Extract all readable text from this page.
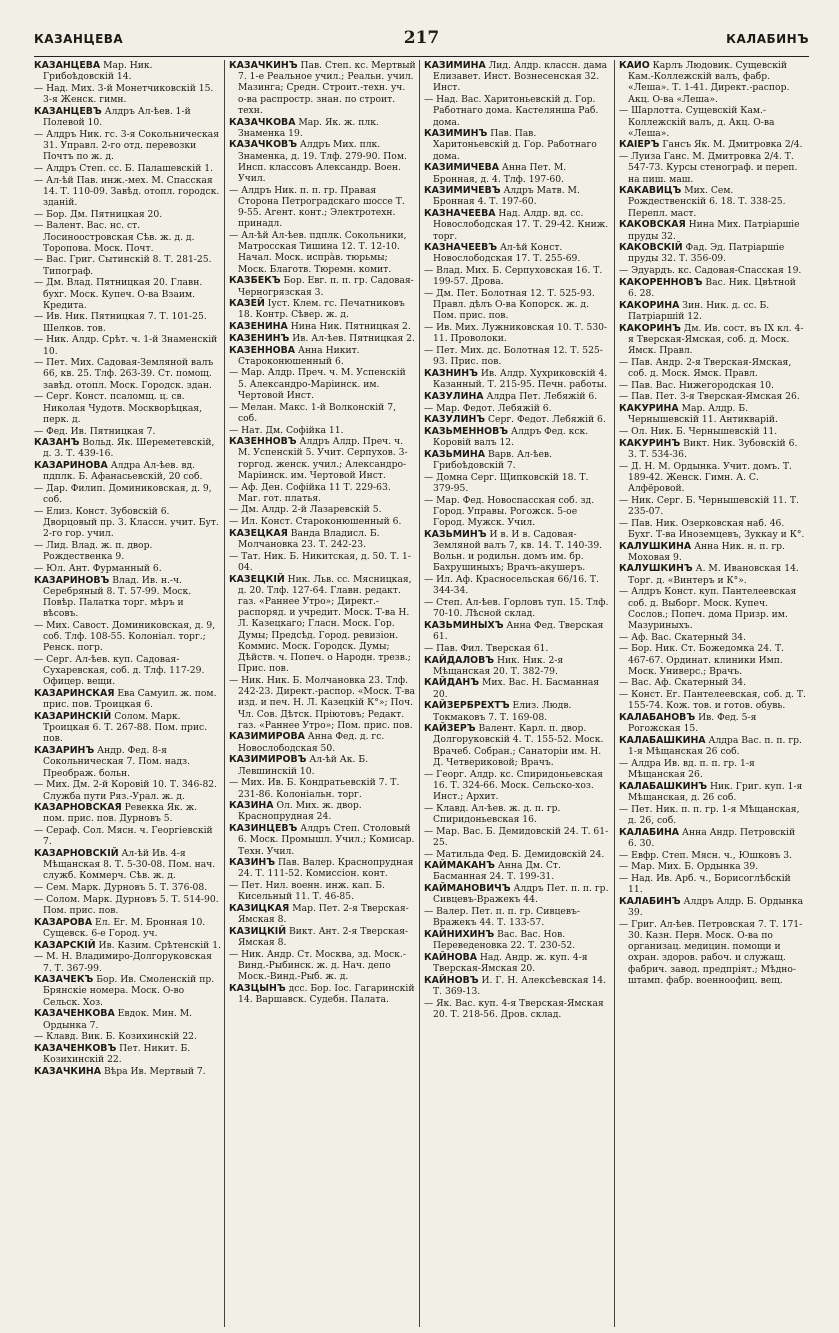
КАЗАНЦЕВА	217	КАЛАБИНЪ
КАЗАНЦЕВА Мар. Ник. Грибоѣдовскій 14.
— Над. Мих. 3-й Монетчиковскій 15. 3-я Женск. гимн.
КАЗАНЦЕВЪ Алдръ Ал-ѣев. 1-й Полевой 10.
— Алдръ Ник. гс. 3-я Сокольническая 31. Управл. 2-го отд. перевозки Почтъ по ж. д.
— Алдръ Степ. сс. Б. Палашевскій 1.
— Ал-ѣй Пав. инж.-мех. М. Спасская 14. Т. 110-09. Завѣд. отопл. городск. зданій.
— Бор. Дм. Пятницкая 20.
— Валент. Вас. нс. ст. Лосиноостровская Сѣв. ж. д. д. Торопова. Моск. Почт.
— Вас. Григ. Сытинскій 8. Т. 281-25. Типограф.
— Дм. Влад. Пятницкая 20. Главн. бухг. Моск. Купеч. О-ва Взаим. Кредита.
— Ив. Ник. Пятницкая 7. Т. 101-25. Шелков. тов.
— Ник. Алдр. Срѣт. ч. 1-й Знаменскій 10.
— Пет. Мих. Садовая-Земляной валъ 66, кв. 25. Тлф. 263-39. Ст. помощ. завѣд. отопл. Моск. Городск. здан.
— Серг. Конст. псаломщ. ц. св. Николая Чудотв. Москворѣцкая, перк. д.
— Фед. Ив. Пятницкая 7.
КАЗАНЪ Вольд. Як. Шереметевскій, д. 3. Т. 439-16.
КАЗАРИНОВА Алдра Ал-ѣев. вд. пдплк. Б. Афанасьевскій, 20 соб.
— Дар. Филип. Доминиковская, д. 9, соб.
— Елиз. Конст. Зубовскій 6. Дворцовый пр. 3. Классн. учит. Бут. 2-го гор. учил.
— Лид. Влад. ж. п. двор. Рождественка 9.
— Юл. Ант. Фурманный 6.
КАЗАРИНОВЪ Влад. Ив. н.-ч. Серебряный 8. Т. 57-99. Моск. Повѣр. Палатка торг. мѣръ и вѣсовъ.
— Мих. Савост. Доминиковская, д. 9, соб. Тлф. 108-55. Колоніал. торг.; Ренск. погр.
— Серг. Ал-ѣев. куп. Садовая-Сухаревская, соб. д. Тлф. 117-29. Офицер. вещи.
КАЗАРИНСКАЯ Ева Самуил. ж. пом. прис. пов. Троицкая 6.
КАЗАРИНСКІЙ Солом. Марк. Троицкая 6. Т. 267-88. Пом. прис. пов.
КАЗАРИНЪ Андр. Фед. 8-я Сокольническая 7. Пом. надз. Преображ. больн.
— Мих. Дм. 2-й Коровій 10. Т. 346-82. Служба пути Ряз.-Урал. ж. д.
КАЗАРНОВСКАЯ Ревекка Як. ж. пом. прис. пов. Дурновъ 5.
— Сераф. Сол. Мясн. ч. Георгіевскій 7.
КАЗАРНОВСКІЙ Ал-ѣй Ив. 4-я Мѣщанская 8. Т. 5-30-08. Пом. нач. служб. Коммерч. Сѣв. ж. д.
— Сем. Марк. Дурновъ 5. Т. 376-08.
— Солом. Марк. Дурновъ 5. Т. 514-90. Пом. прис. пов.
КАЗАРОВА Ел. Ег. М. Бронная 10. Сущевск. 6-е Город. уч.
КАЗАРСКІЙ Ив. Казим. Срѣтенскій 1.
— М. Н. Владимиро-Долгоруковская 7. Т. 367-99.
КАЗАЧЕКЪ Бор. Ив. Смоленскій пр. Брянскіе номера. Моск. О-во Сельск. Хоз.
КАЗАЧЕНКОВА Евдок. Мин. М. Ордынка 7.
— Клавд. Вик. Б. Козихинскій 22.
КАЗАЧЕНКОВЪ Пет. Никит. Б. Козихинскій 22.
КАЗАЧКИНА Вѣра Ив. Мертвый 7.
КАЗАЧКИНЪ Пав. Степ. кс. Мертвый 7. 1-е Реальное учил.; Реальн. учил. Мазинга; Средн. Строит.-техн. уч. о-ва распростр. знан. по строит. техн.
КАЗАЧКОВА Мар. Як. ж. плк. Знаменка 19.
КАЗАЧКОВЪ Алдръ Мих. плк. Знаменка, д. 19. Тлф. 279-90. Пом. Инсп. классовъ Александр. Воен. Учил.
— Алдръ Ник. п. п. гр. Правая Сторона Петроградскаго шоссе Т. 9-55. Агент. конт.; Электротехн. принадл.
— Ал-ѣй Ал-ѣев. пдплк. Сокольники, Матросская Тишина 12. Т. 12-10. Начал. Моск. испрàв. тюрьмы; Моск. Благотв. Тюремн. комит.
КАЗБЕКЪ Бор. Евг. п. п. гр. Садовая-Черногрязская 3.
КАЗЕЙ Іуст. Клем. гс. Печатниковъ 18. Контр. Сѣвер. ж. д.
КАЗЕНИНА Нина Ник. Пятницкая 2.
КАЗЕНИНЪ Ив. Ал-ѣев. Пятницкая 2.
КАЗЕННОВА Анна Никит. Староконюшенный 6.
— Мар. Алдр. Преч. ч. М. Успенскій 5. Александро-Маріинск. им. Чертовой Инст.
— Мелан. Макс. 1-й Волконскій 7, соб.
— Нат. Дм. Софійка 11.
КАЗЕННОВЪ Алдръ Алдр. Преч. ч. М. Успенскій 5. Учит. Серпухов. 3-горгод. женск. учил.; Александро-Маріинск. им. Чертовой Инст.
— Аф. Ден. Софійка 11 Т. 229-63. Маг. гот. платья.
— Дм. Алдр. 2-й Лазаревскій 5.
— Ил. Конст. Староконюшенный 6.
КАЗЕЦКАЯ Ванда Владисл. Б. Молчановка 23. Т. 242-23.
— Тат. Ник. Б. Никитская, д. 50. Т. 1-04.
КАЗЕЦКІЙ Ник. Льв. сс. Мясницкая, д. 20. Тлф. 127-64. Главн. редакт. газ. «Раннее Утро»; Директ.-распоряд. и учредит. Моск. Т-ва Н. Л. Казецкаго; Гласн. Моск. Гор. Думы; Предсѣд. Город. ревизіон. Коммис. Моск. Городск. Думы; Дѣйств. ч. Попеч. о Народн. трезв.; Прис. пов.
— Ник. Ник. Б. Молчановка 23. Тлф. 242-23. Директ.-распор. «Моск. Т-ва изд. и печ. Н. Л. Казецкій К°»; Поч. Чл. Сов. Дѣтск. Пріютовъ; Редакт. газ. «Раннее Утро»; Пом. прис. пов.
КАЗИМИРОВА Анна Фед. д. гс. Новослободская 50.
КАЗИМИРОВЪ Ал-ѣй Ак. Б. Левшинскій 10.
— Мих. Ив. Б. Кондратьевскій 7. Т. 231-86. Колоніальн. торг.
КАЗИНА Ол. Мих. ж. двор. Краснопрудная 24.
КАЗИНЦЕВЪ Алдръ Степ. Столовый 6. Моск. Промышл. Учил.; Комисар. Техн. Учил.
КАЗИНЪ Пав. Валер. Краснопрудная 24. Т. 111-52. Комиссіон. конт.
— Пет. Нил. военн. инж. кап. Б. Кисельный 11. Т. 46-85.
КАЗИЦКАЯ Мар. Пет. 2-я Тверская-Ямская 8.
КАЗИЦКІЙ Викт. Ант. 2-я Тверская-Ямская 8.
— Ник. Андр. Ст. Москва, зд. Моск.-Винд.-Рыбинск. ж. д. Нач. депо Моск.-Винд.-Рыб. ж. д.
КАЗЦЫНЪ дсс. Бор. Іос. Гагаринскій 14. Варшавск. Судебн. Палата.
КАЗИМИНА Лид. Алдр. классн. дама Елизавет. Инст. Вознесенская 32. Инст.
— Над. Вас. Харитоньевскій д. Гор. Работнаго дома. Кастелянша Раб. дома.
КАЗИМИНЪ Пав. Пав. Харитоньевскій д. Гор. Работнаго дома.
КАЗИМИЧЕВА Анна Пет. М. Бронная, д. 4. Тлф. 197-60.
КАЗИМИЧЕВЪ Алдръ Матв. М. Бронная 4. Т. 197-60.
КАЗНАЧЕЕВА Над. Алдр. вд. сс. Новослободская 17. Т. 29-42. Книж. торг.
КАЗНАЧЕЕВЪ Ал-ѣй Конст. Новослободская 17. Т. 255-69.
— Влад. Мих. Б. Серпуховская 16. Т. 199-57. Дрова.
— Дм. Пет. Болотная 12. Т. 525-93. Правл. дѣлъ О-ва Копорск. ж. д. Пом. прис. пов.
— Ив. Мих. Лужниковская 10. Т. 530-11. Проволоки.
— Пет. Мих. дс. Болотная 12. Т. 525-93. Прис. пов.
КАЗНИНЪ Ив. Алдр. Хухриковскій 4. Казанный. Т. 215-95. Печн. работы.
КАЗУЛИНА Алдра Пет. Лебяжій 6.
— Мар. Федот. Лебяжій 6.
КАЗУЛИНЪ Серг. Федот. Лебяжій 6.
КАЗЬМЕННОВЪ Алдръ Фед. кск. Коровій валъ 12.
КАЗЬМИНА Варв. Ал-ѣев. Грибоѣдовскій 7.
— Домна Серг. Щипковскій 18. Т. 379-95.
— Мар. Фед. Новоспасская соб. зд. Город. Управы. Рогожск. 5-ое Город. Мужск. Учил.
КАЗЬМИНЪ И в. И в. Садовая-Земляной валъ 7, кв. 14. Т. 140-39. Вольн. и родильн. домъ им. бр. Бахрушиныхъ; Врачъ-акушеръ.
— Ил. Аф. Красносельская 66/16. Т. 344-34.
— Степ. Ал-ѣев. Горловъ туп. 15. Тлф. 70-10. Лѣсной склад.
КАЗЬМИНЫХЪ Анна Фед. Тверская 61.
— Пав. Фил. Тверская 61.
КАЙДАЛОВЪ Ник. Ник. 2-я Мѣщанская 20. Т. 382-79.
КАЙДАНЪ Мих. Вас. Н. Басманная 20.
КАЙЗЕРБРЕХТЪ Елиз. Людв. Токмаковъ 7. Т. 169-08.
КАЙЗЕРЪ Валент. Карл. п. двор. Долгоруковскій 4. Т. 155-52. Моск. Врачеб. Собран.; Санаторіи им. Н. Д. Четвериковой; Врачъ.
— Георг. Алдр. кс. Спиридоньевская 16. Т. 324-66. Моск. Сельско-хоз. Инст.; Архит.
— Клавд. Ал-ѣев. ж. д. п. гр. Спиридоньевская 16.
— Мар. Вас. Б. Демидовскій 24. Т. 61-25.
— Матильда Фед. Б. Демидовскій 24.
КАЙМАКАНЪ Анна Дм. Ст. Басманная 24. Т. 199-31.
КАЙМАНОВИЧЪ Алдръ Пет. п. п. гр. Сивцевъ-Вражекъ 44.
— Валер. Пет. п. п. гр. Сивцевъ-Вражекъ 44. Т. 133-57.
КАЙНИХИНЪ Вас. Вас. Нов. Переведеновка 22. Т. 230-52.
КАЙНОВА Над. Андр. ж. куп. 4-я Тверская-Ямская 20.
КАЙНОВЪ И. Г. Н. Алексѣевская 14. Т. 369-13.
— Як. Вас. куп. 4-я Тверская-Ямская 20. Т. 218-56. Дров. склад.
КАЙО Карлъ Людовик. Сущевскій Кам.-Коллежскій валъ, фабр. «Леша». Т. 1-41. Директ.-распор. Акц. О-ва «Леша».
— Шарлотта. Сущевскій Кам.-Коллежскій валъ, д. Акц. О-ва «Леша».
КАІЕРЪ Гансъ Як. М. Дмитровка 2/4.
— Луиза Ганс. М. Дмитровка 2/4. Т. 547-73. Курсы стенограф. и переп. на пиш. маш.
КАКАВИЦЪ Мих. Сем. Рождественскій 6. 18. Т. 338-25. Перепл. маст.
КАКОВСКАЯ Нина Мих. Патріаршіе пруды 32.
КАКОВСКІЙ Фад. Эд. Патріаршіе пруды 32. Т. 356-09.
— Эдуардъ. кс. Садовая-Спасская 19.
КАКОРЕННОВЪ Вас. Ник. Цвѣтной 6. 28.
КАКОРИНА Зин. Ник. д. сс. Б. Патріаршій 12.
КАКОРИНЪ Дм. Ив. сост. въ IX кл. 4-я Тверская-Ямская, соб. д. Моск. Ямск. Правл.
— Пав. Андр. 2-я Тверская-Ямская, соб. д. Моск. Ямск. Правл.
— Пав. Вас. Нижегородская 10.
— Пав. Пет. 3-я Тверская-Ямская 26.
КАКУРИНА Мар. Алдр. Б. Чернышевскій 11. Антикварій.
— Ол. Ник. Б. Чернышевскій 11.
КАКУРИНЪ Викт. Ник. Зубовскій 6. 3. Т. 534-36.
— Д. Н. М. Ордынка. Учит. домъ. Т. 189-42. Женск. Гимн. А. С. Алфёровой.
— Ник. Серг. Б. Чернышевскій 11. Т. 235-07.
— Пав. Ник. Озерковская наб. 46. Бухг. Т-ва Иноземцевъ, Зуккау и К°.
КАЛУШКИНА Анна Ник. н. п. гр. Моховая 9.
КАЛУШКИНЪ А. М. Ивановская 14. Торг. д. «Винтеръ и К°».
— Алдръ Конст. куп. Пантелеевская соб. д. Выборг. Моск. Купеч. Сослов.; Попеч. дома Призр. им. Мазуриныхъ.
— Аф. Вас. Скатерный 34.
— Бор. Ник. Ст. Божедомка 24. Т. 467-67. Ординат. клиники Имп. Моск. Универс.; Врачъ.
— Вас. Аф. Скатерный 34.
— Конст. Ег. Пантелеевская, соб. д. Т. 155-74. Кож. тов. и готов. обувь.
КАЛАБАНОВЪ Ив. Фед. 5-я Рогожская 15.
КАЛАБАШКИНА Алдра Вас. п. п. гр. 1-я Мѣщанская 26 соб.
— Алдра Ив. вд. п. п. гр. 1-я Мѣщанская 26.
КАЛАБАШКИНЪ Ник. Григ. куп. 1-я Мѣщанская, д. 26 соб.
— Пет. Ник. п. п. гр. 1-я Мѣщанская, д. 26, соб.
КАЛАБИНА Анна Андр. Петровскій 6. 30.
— Евфр. Степ. Мясн. ч., Юшковъ 3.
— Мар. Мих. Б. Ордынка 39.
— Над. Ив. Арб. ч., Борисоглѣбскій 11.
КАЛАБИНЪ Алдръ Алдр. Б. Ордынка 39.
— Григ. Ал-ѣев. Петровская 7. Т. 171-30. Казн. Перв. Моск. О-ва по организац. медицин. помощи и охран. здоров. рабоч. и служащ. фабрич. завод. предпріят.; Мѣдно-штамп. фабр. военноофиц. вещ.
